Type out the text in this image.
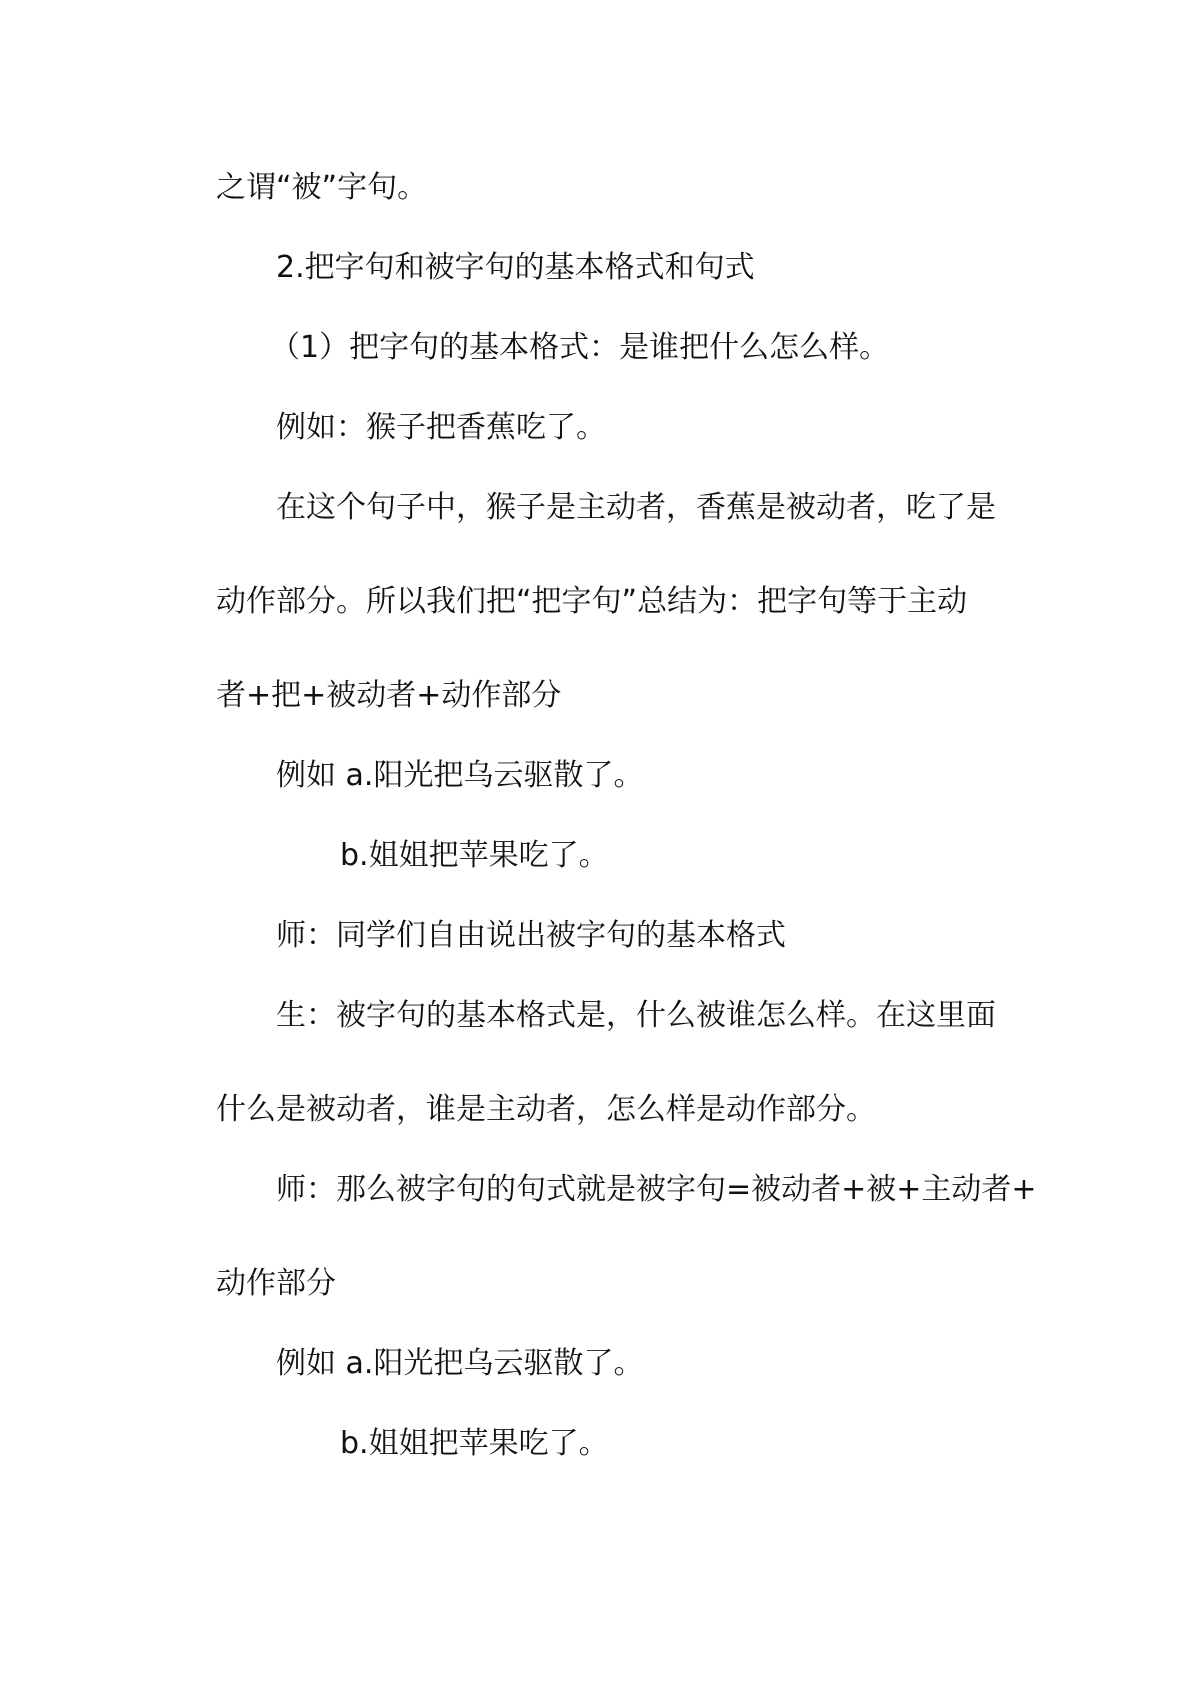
之谓“被”字句。
2.把字句和被字句的基本格式和句式
（1）把字句的基本格式：是谁把什么怎么样。
例如：猴子把香蕉吃了。
在这个句子中，猴子是主动者，香蕉是被动者，吃了是
动作部分。所以我们把“把字句”总结为：把字句等于主动
者+把+被动者+动作部分
例如 a.阳光把乌云驱散了。
b.姐姐把苹果吃了。
师：同学们自由说出被字句的基本格式
生：被字句的基本格式是，什么被谁怎么样。在这里面
什么是被动者，谁是主动者，怎么样是动作部分。
师：那么被字句的句式就是被字句=被动者+被+主动者+
动作部分
例如 a.阳光把乌云驱散了。
b.姐姐把苹果吃了。
